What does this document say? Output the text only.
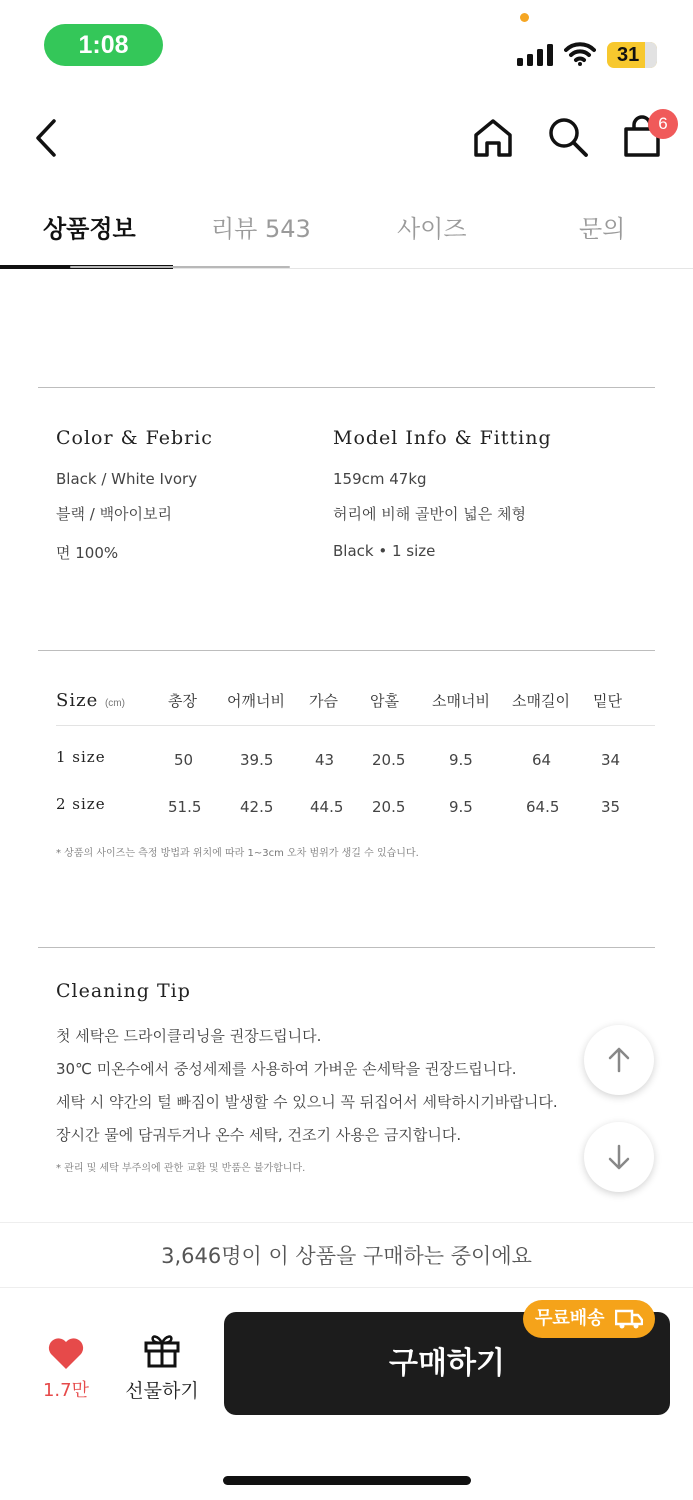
1:08	31
6
상품정보	리뷰 543	사이즈	문의
Color & Febric
Black / White Ivory
블랙 / 백아이보리
면 100%
Model Info & Fitting
159cm 47kg
허리에 비해 골반이 넓은 체형
Black • 1 size
Size (cm)	총장 어깨너비 가슴 암홀 소매너비 소매길이 밑단
1 size	50	39.5	43	20.5	9.5	64	34
2 size	51.5	42.5 44.5 20.5	9.5	64.5	35
* 상품의 사이즈는 측정 방법과 위치에 따라 1~3cm 오차 범위가 생길 수 있습니다.
Cleaning Tip
첫 세탁은 드라이클리닝을 권장드립니다.
30℃ 미온수에서 중성세제를 사용하여 가벼운 손세탁을 권장드립니다.
세탁 시 약간의 털 빠짐이 발생할 수 있으니 꼭 뒤집어서 세탁하시기바랍니다.
장시간 물에 담궈두거나 온수 세탁, 건조기 사용은 금지합니다.
* 관리 및 세탁 부주의에 관한 교환 및 반품은 불가합니다.
3,646명이 이 상품을 구매하는 중이에요
1.7만	선물하기
구매하기
무료배송
